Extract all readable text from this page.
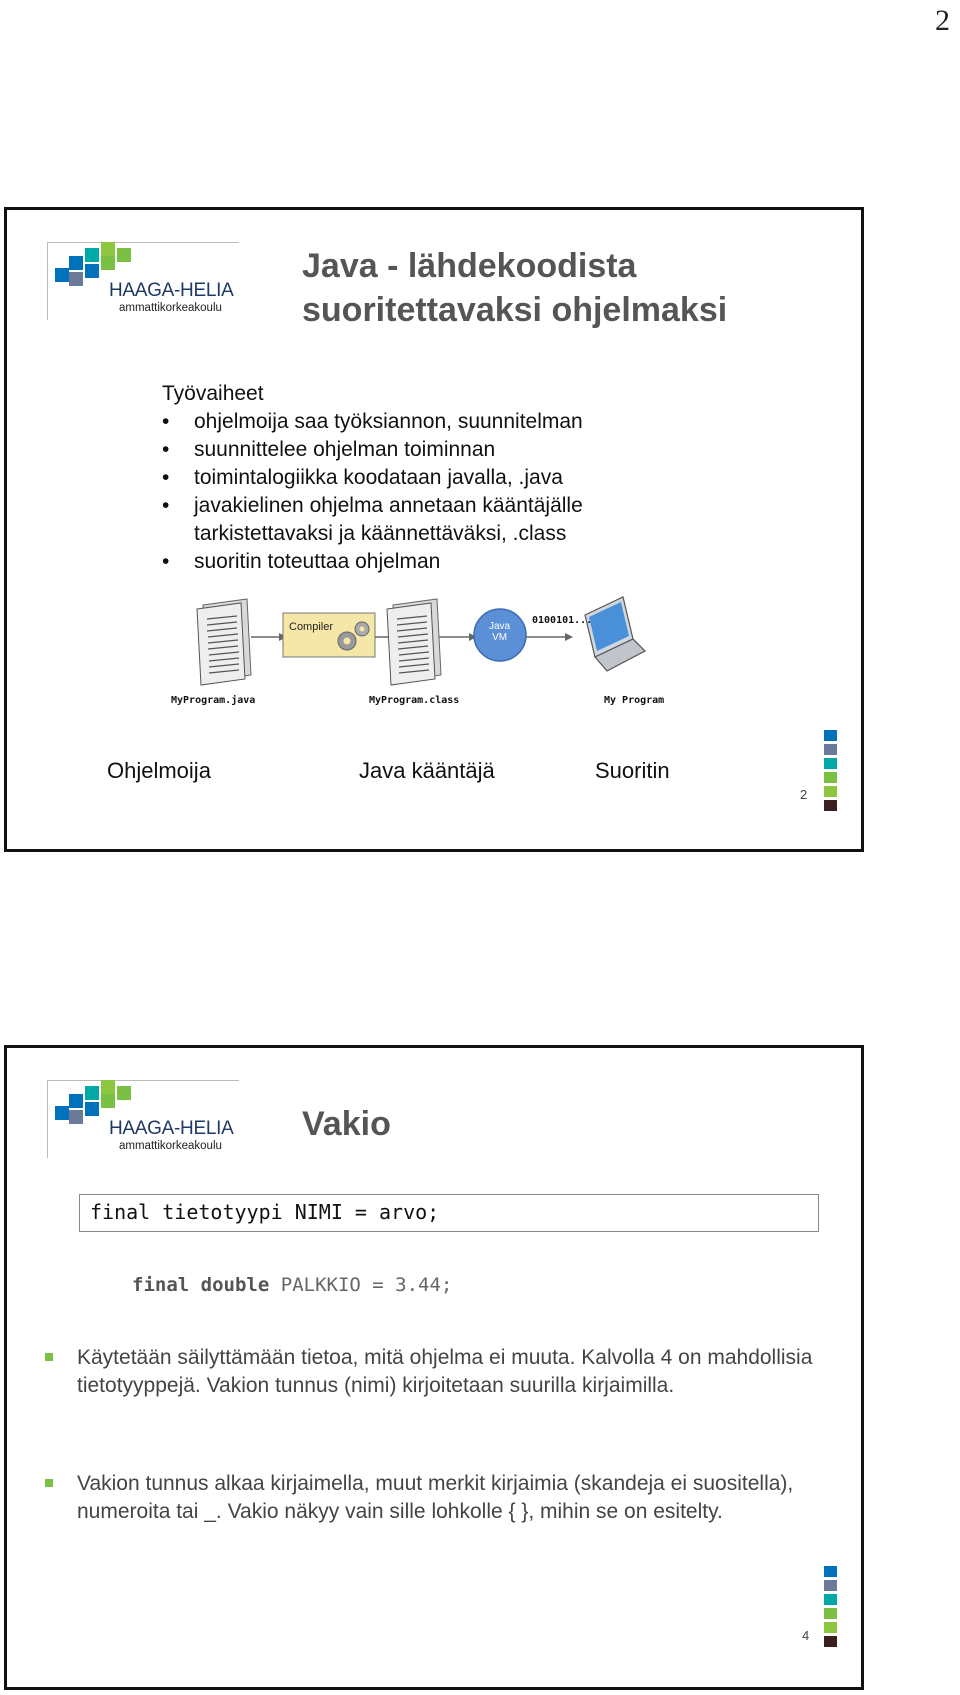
2
HAAGA-HELIA
ammattikorkeakoulu
Java - lähdekoodista
suoritettavaksi ohjelmaksi
Työvaiheet
• ohjelmoija saa työksiannon, suunnitelman
• suunnittelee ohjelman toiminnan
• toimintalogiikka koodataan javalla, .java
• javakielinen ohjelma annetaan kääntäjälle tarkistettavaksi ja käännettäväksi, .class
• suoritin toteuttaa ohjelman
Compiler	Java
VM
0100101...
MyProgram.java	MyProgram.class	My Program
Ohjelmoija	Java kääntäjä	Suoritin
2
HAAGA-HELIA
ammattikorkeakoulu
Vakio
final tietotyypi NIMI = arvo;
final double PALKKIO = 3.44;
Käytetään säilyttämään tietoa, mitä ohjelma ei muuta. Kalvolla 4 on mahdollisia tietotyyppejä. Vakion tunnus (nimi) kirjoitetaan suurilla kirjaimilla.
Vakion tunnus alkaa kirjaimella, muut merkit kirjaimia (skandeja ei suositella), numeroita tai _. Vakio näkyy vain sille lohkolle { }, mihin se on esitelty.
4
